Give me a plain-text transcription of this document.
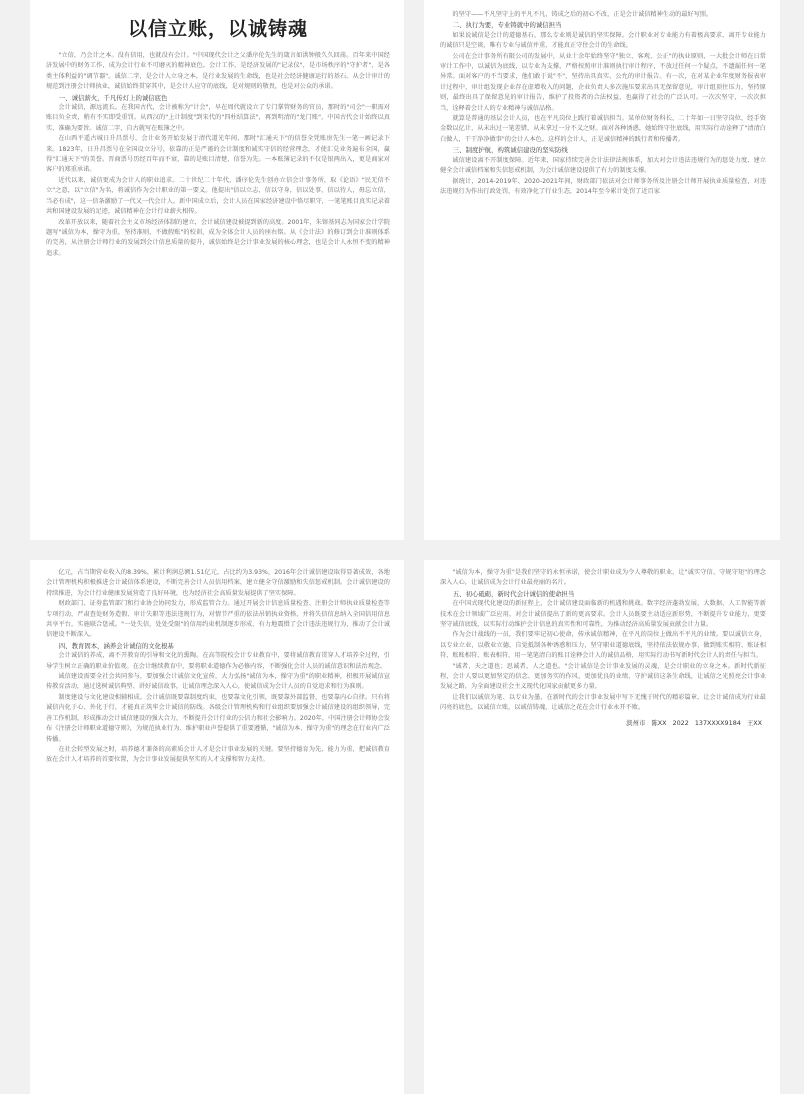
以信立账，以诚铸魂

"立信，乃会计之本。没有信用，也就没有会计。"中国现代会计之父潘序伦先生的箴言如洪钟般久久回荡。百年来中国经济发展中的财务工作，成为会计行业不可磨灭的精神底色。会计工作，是经济发展的"记录仪"，是市场秩序的"守护者"，是各类主体利益的"调节器"。诚信二字，是会计人立身之本，是行业发展的生命线，也是社会经济健康运行的基石。从会计审计的规范到注册会计师执业，诚信始终贯穿其中，是会计人应守的底线，是对规则的敬畏，也是对公众的承诺。

一、诚信薪火，千凡传灯上的诚信底色

会计诚信，源远流长。在我国古代，会计被称为"计会"，早在周代就设立了专门掌管财务的官员，那时的"司会"一职需对账目负全责，稍有不实即受重罚。从西汉的"上计制度"到宋代的"四柱结算法"，再到明清的"龙门账"，中国古代会计始终以真实、准确为要旨。诚信二字，自古就写在账簿之中。

在山西平遥古城日升昌票号，会计业务开始发展于清代道光年间，那时"汇通天下"的信誉全凭账房先生一笔一画记录下来。1823年，日升昌票号在全国设立分号，依靠的正是严谨的会计制度和诚实守信的经营理念，才使汇兑业务遍布全国，赢得"汇通天下"的美誉。晋商票号历经百年而不衰，靠的是账目清楚、信誉为先。一本账簿记录的不仅是银两出入，更是商家对客户的郑重承诺。

近代以来，诚信更成为会计人的职业追求。二十世纪二十年代，潘序伦先生创办立信会计事务所，取《论语》"民无信不立"之意，以"立信"为名，将诚信作为会计职业的第一要义。他提出"信以立志，信以守身，信以处事，信以待人，毋忘立信，当必有成"，这一信条激励了一代又一代会计人。新中国成立后，会计人员在国家经济建设中恪尽职守，一笔笔账目真实记录着共和国建设发展的足迹，诚信精神在会计行业薪火相传。

改革开放以来，随着社会主义市场经济体制的建立，会计诚信建设被提到新的高度。2001年，朱镕基同志为国家会计学院题写"诚信为本，操守为重，坚持准则，不做假账"的校训，成为全体会计人员的座右铭。从《会计法》的修订到会计准则体系的完善，从注册会计师行业的发展到会计信息质量的提升，诚信始终是会计事业发展的核心理念，也是会计人永恒不变的精神追求。

的坚守——不凡坚守上的平凡不凡，铸成之后的初心不改，正是会计诚信精神生动的最好写照。

二、执行为要，专业铸就中的诚信担当

如果说诚信是会计的道德基石，那么专业则是诚信的坚实保障。会计职业对专业能力有着极高要求，离开专业能力的诚信只是空谈，唯有专业与诚信并重，才能真正守住会计的生命线。

公司在会计事务所有限公司的发展中，从业十余年始终坚守"独立、客观、公正"的执业原则，一大批会计师在日常审计工作中，以诚信为底线，以专业为支撑，严格按照审计准则执行审计程序，不放过任何一个疑点，不遗漏任何一笔异常。面对客户的不当要求，他们敢于说"不"，坚持出具真实、公允的审计报告。有一次，在对某企业年度财务报表审计过程中，审计组发现企业存在虚增收入的问题，企业负责人多次施压要求出具无保留意见，审计组顶住压力，坚持原则，最终出具了保留意见的审计报告，维护了投资者的合法权益，也赢得了社会的广泛认可。一次次坚守，一次次担当，诠释着会计人的专业精神与诚信品格。

就算是普通的基层会计人员，也在平凡岗位上践行着诚信担当。某单位财务科长，二十年如一日坚守岗位，经手资金数以亿计，从未出过一笔差错，从未拿过一分不义之财。面对各种诱惑，她始终守住底线，用实际行动诠释了"清清白白做人，干干净净做事"的会计人本色。这样的会计人，正是诚信精神的践行者和传播者。

三、制度护航，构筑诚信建设的坚实防线

诚信建设离不开制度保障。近年来，国家持续完善会计法律法规体系，加大对会计违法违规行为的惩处力度，建立健全会计诚信档案和失信惩戒机制，为会计诚信建设提供了有力的制度支撑。

据统计，2014-2019年、2020-2021年间，财政部门依法对会计师事务所及注册会计师开展执业质量检查，对违法违规行为作出行政处罚，有效净化了行业生态，2014年至今累计处罚了近百家

亿元，占当期营业收入的8.39%，累计利润总额1.51亿元，占比约为3.93%，2016年会计诚信建设取得显著成效，各地会计管理机构积极推进会计诚信体系建设，不断完善会计人员信用档案，建立健全守信激励和失信惩戒机制。会计诚信建设的持续推进，为会计行业健康发展营造了良好环境，也为经济社会高质量发展提供了坚实保障。

财政部门、证券监管部门和行业协会协同发力，形成监管合力。通过开展会计信息质量检查、注册会计师执业质量检查等专项行动，严肃查处财务造假、审计失职等违法违规行为，对情节严重的依法吊销执业资格，并将失信信息纳入全国信用信息共享平台，实施联合惩戒。"一处失信，处处受限"的信用约束机制逐步形成，有力地震慑了会计违法违规行为，推动了会计诚信建设不断深入。

四、教育固本，涵养会计诚信的文化根基

会计诚信的养成，离不开教育的引导和文化的熏陶。在高等院校会计专业教育中，要将诚信教育贯穿人才培养全过程，引导学生树立正确的职业价值观。在会计继续教育中，要将职业道德作为必修内容，不断强化会计人员的诚信意识和法治观念。

诚信建设需要全社会共同参与，要加强会计诚信文化宣传，大力弘扬"诚信为本，操守为重"的职业精神，积极开展诚信宣传教育活动，通过选树诚信典型、讲好诚信故事，让诚信理念深入人心，使诚信成为会计人员的自觉追求和行为准则。

制度建设与文化建设相辅相成。会计诚信既要靠制度约束，也要靠文化引领，既要靠外部监督，也要靠内心自律。只有将诚信内化于心、外化于行，才能真正筑牢会计诚信的防线。各级会计管理机构和行业组织要加强会计诚信建设的组织领导，完善工作机制，形成推动会计诚信建设的强大合力，不断提升会计行业的公信力和社会影响力。2020年，中国注册会计师协会发布《注册会计师职业道德守则》，为规范执业行为、维护职业声誉提供了重要遵循，"诚信为本、操守为重"的理念在行业内广泛传播。

在社会转型发展之时，培养德才兼备的高素质会计人才是会计事业发展的关键。要坚持德育为先、能力为重，把诚信教育放在会计人才培养的首要位置，为会计事业发展提供坚实的人才支撑和智力支持。

"诚信为本，操守为重"是我们坚守的永恒承诺，使会计职业成为令人尊敬的职业，让"诚实守信、守规守矩"的理念深入人心，让诚信成为会计行业最亮丽的名片。

五、初心砥砺，新时代会计诚信的使命担当

在中国式现代化建设的新征程上，会计诚信建设面临新的机遇和挑战。数字经济蓬勃发展，大数据、人工智能等新技术在会计领域广泛应用，对会计诚信提出了新的更高要求。会计人员既要主动适应新形势，不断提升专业能力，更要坚守诚信底线，以实际行动维护会计信息的真实性和可靠性，为推动经济高质量发展贡献会计力量。

作为会计战线的一员，我们要牢记初心使命，传承诚信精神，在平凡的岗位上做出不平凡的业绩。要以诚信立身，以专业立业，以敬业立德，自觉抵制各种诱惑和压力，坚守职业道德底线，坚持依法依规办事，做到账实相符、账证相符、账账相符、账表相符，用一笔笔清白的账目诠释会计人的诚信品格，用实际行动书写新时代会计人的责任与担当。

"诚者，天之道也；思诚者，人之道也。"会计诚信是会计事业发展的灵魂，是会计职业的立身之本。新时代新征程，会计人要以更加坚定的信念、更加务实的作风、更加优良的业绩，守护诚信这条生命线，让诚信之光照亮会计事业发展之路，为全面建设社会主义现代化国家贡献更多力量。

让我们以诚信为笔、以专业为墨，在新时代的会计事业发展中写下无愧于时代的精彩篇章，让会计诚信成为行业最闪亮的底色，以诚信立账，以诚信铸魂，让诚信之花在会计行业永开不败。

滨州市 陈XX 2022 137XXXX9184 王XX
